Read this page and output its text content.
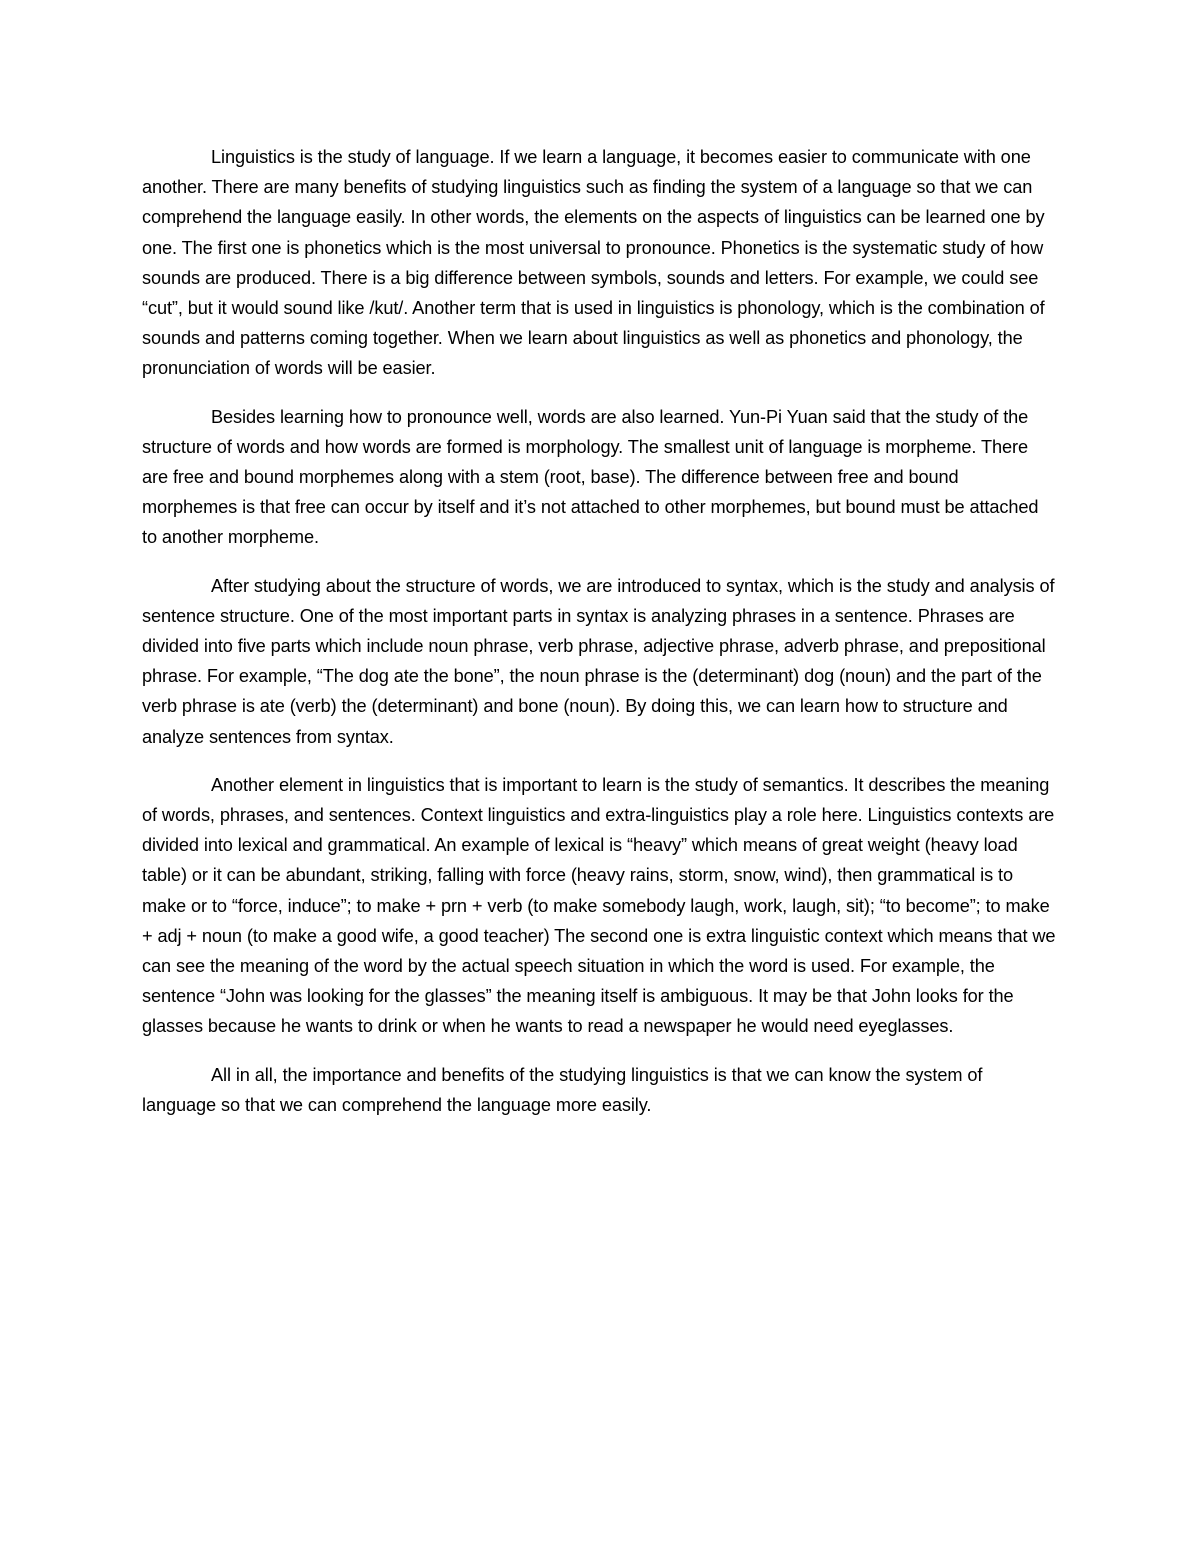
Linguistics is the study of language. If we learn a language, it becomes easier to communicate with one another. There are many benefits of studying linguistics such as finding the system of a language so that we can comprehend the language easily. In other words, the elements on the aspects of linguistics can be learned one by one. The first one is phonetics which is the most universal to pronounce. Phonetics is the systematic study of how sounds are produced. There is a big difference between symbols, sounds and letters. For example, we could see “cut”, but it would sound like /kut/. Another term that is used in linguistics is phonology, which is the combination of sounds and patterns coming together. When we learn about linguistics as well as phonetics and phonology, the pronunciation of words will be easier.

Besides learning how to pronounce well, words are also learned. Yun-Pi Yuan said that the study of the structure of words and how words are formed is morphology. The smallest unit of language is morpheme. There are free and bound morphemes along with a stem (root, base). The difference between free and bound morphemes is that free can occur by itself and it’s not attached to other morphemes, but bound must be attached to another morpheme.

After studying about the structure of words, we are introduced to syntax, which is the study and analysis of sentence structure. One of the most important parts in syntax is analyzing phrases in a sentence. Phrases are divided into five parts which include noun phrase, verb phrase, adjective phrase, adverb phrase, and prepositional phrase. For example, “The dog ate the bone”, the noun phrase is the (determinant) dog (noun) and the part of the verb phrase is ate (verb) the (determinant) and bone (noun). By doing this, we can learn how to structure and analyze sentences from syntax.

Another element in linguistics that is important to learn is the study of semantics. It describes the meaning of words, phrases, and sentences. Context linguistics and extra-linguistics play a role here. Linguistics contexts are divided into lexical and grammatical. An example of lexical is “heavy” which means of great weight (heavy load table) or it can be abundant, striking, falling with force (heavy rains, storm, snow, wind), then grammatical is to make or to “force, induce”; to make + prn + verb (to make somebody laugh, work, laugh, sit); “to become”; to make + adj + noun (to make a good wife, a good teacher) The second one is extra linguistic context which means that we can see the meaning of the word by the actual speech situation in which the word is used. For example, the sentence “John was looking for the glasses” the meaning itself is ambiguous. It may be that John looks for the glasses because he wants to drink or when he wants to read a newspaper he would need eyeglasses.

All in all, the importance and benefits of the studying linguistics is that we can know the system of language so that we can comprehend the language more easily.
